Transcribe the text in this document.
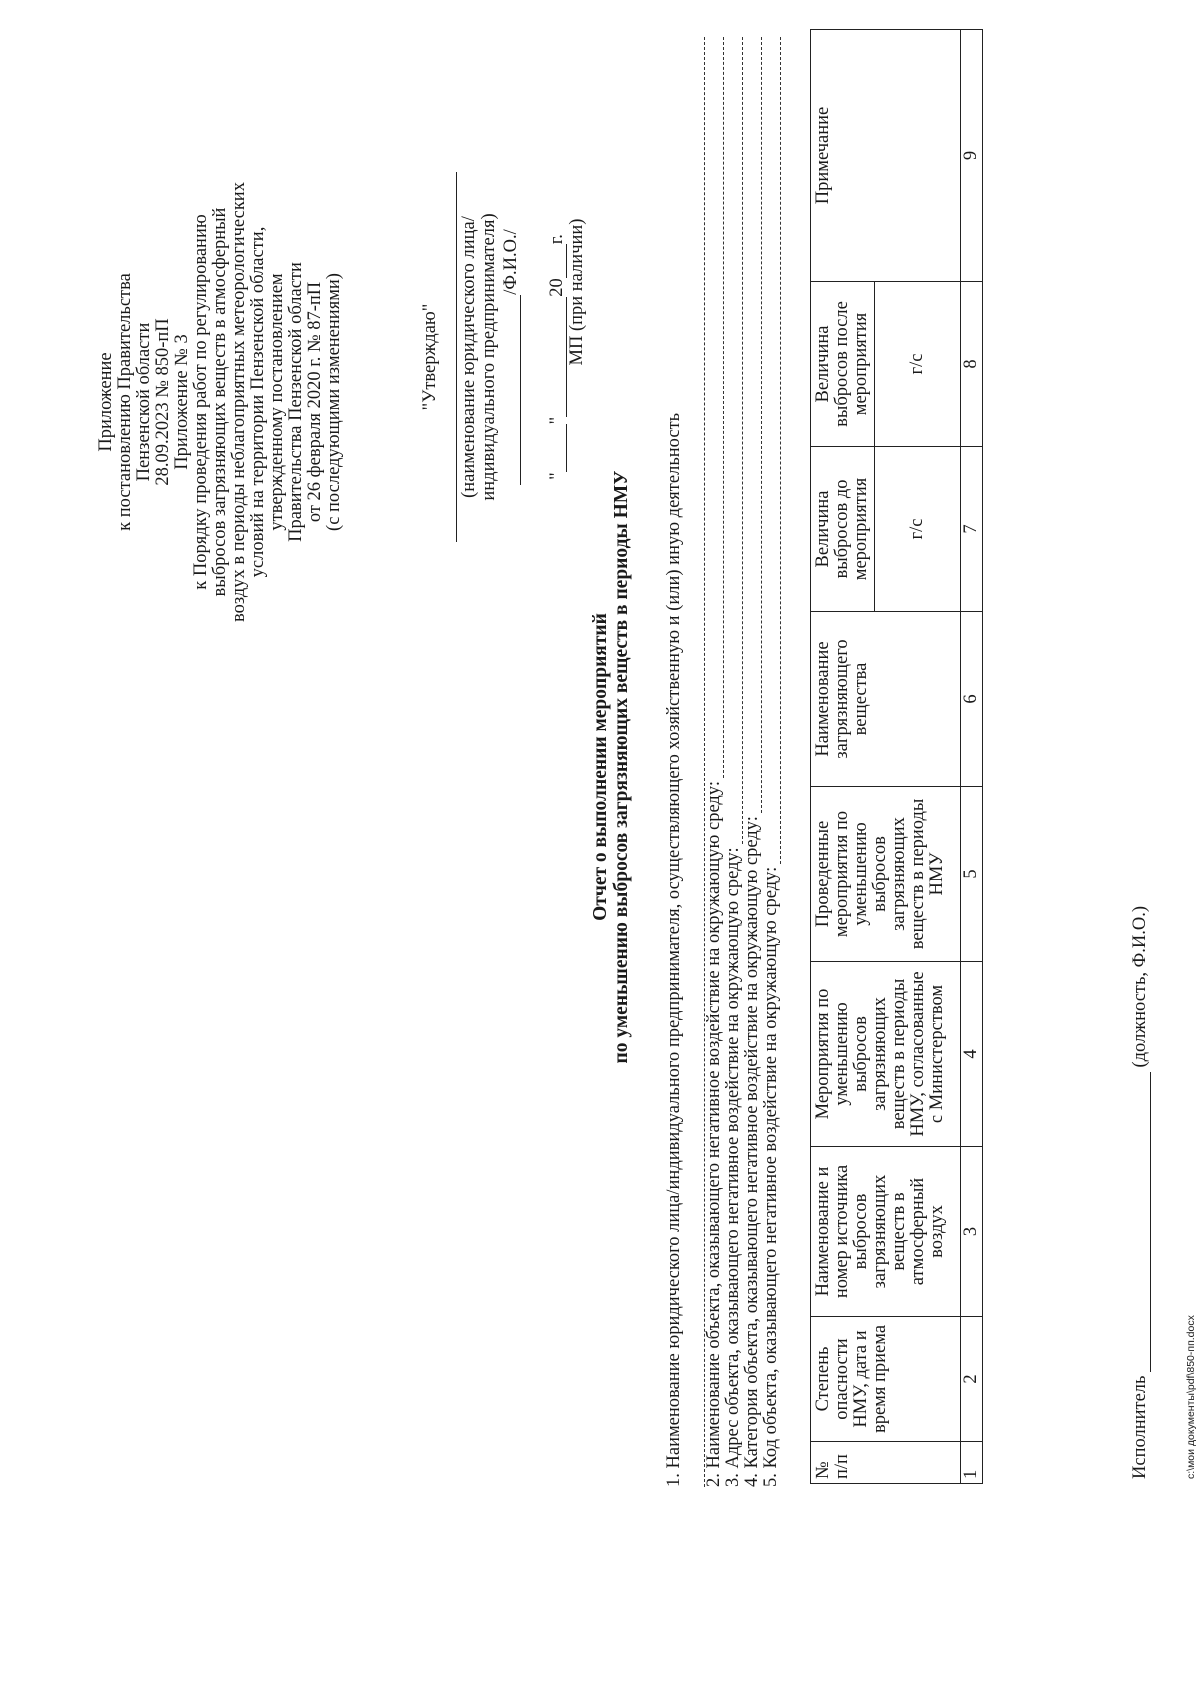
Приложение к постановлению Правительства Пензенской области 28.09.2023 № 850-пП Приложение № 3 к Порядку проведения работ по регулированию выбросов загрязняющих веществ в атмосферный воздух в периоды неблагоприятных метеорологических условий на территории Пензенской области, утвержденному постановлением Правительства Пензенской области от 26 февраля 2020 г. № 87-пП (с последующими изменениями)	"Утверждаю" (наименование юридического лица/ индивидуального предпринимателя) /Ф.И.О./
"
"
20
г. МП (при наличии)
Отчет о выполнении мероприятий по уменьшению выбросов загрязняющих веществ в периоды НМУ 1. Наименование юридического лица/индивидуального предпринимателя, осуществляющего хозяйственную и (или) иную деятельность 2. Наименование объекта, оказывающего негативное воздействие на окружающую среду: 3. Адрес объекта, оказывающего негативное воздействие на окружающую среду: 4. Категория объекта, оказывающего негативное воздействие на окружающую среду: 5. Код объекта, оказывающего негативное воздействие на окружающую среду: № п/п	Степень опасности НМУ, дата и время приема	Наименование и номер источника выбросов загрязняющих веществ в атмосферный воздух	Мероприятия по уменьшению выбросов загрязняющих веществ в периоды НМУ, согласованные с Министерством	Проведенные мероприятия по уменьшению выбросов загрязняющих веществ в периоды НМУ	Наименование загрязняющего вещества	Величина выбросов до мероприятия	Величина выбросов после мероприятия	Примечание
						г/с	г/с	
1	2	3	4	5	6	7	8	9
Исполнитель
(должность, Ф.И.О.)
с:\мои документы\pdf\850-пп.docx
